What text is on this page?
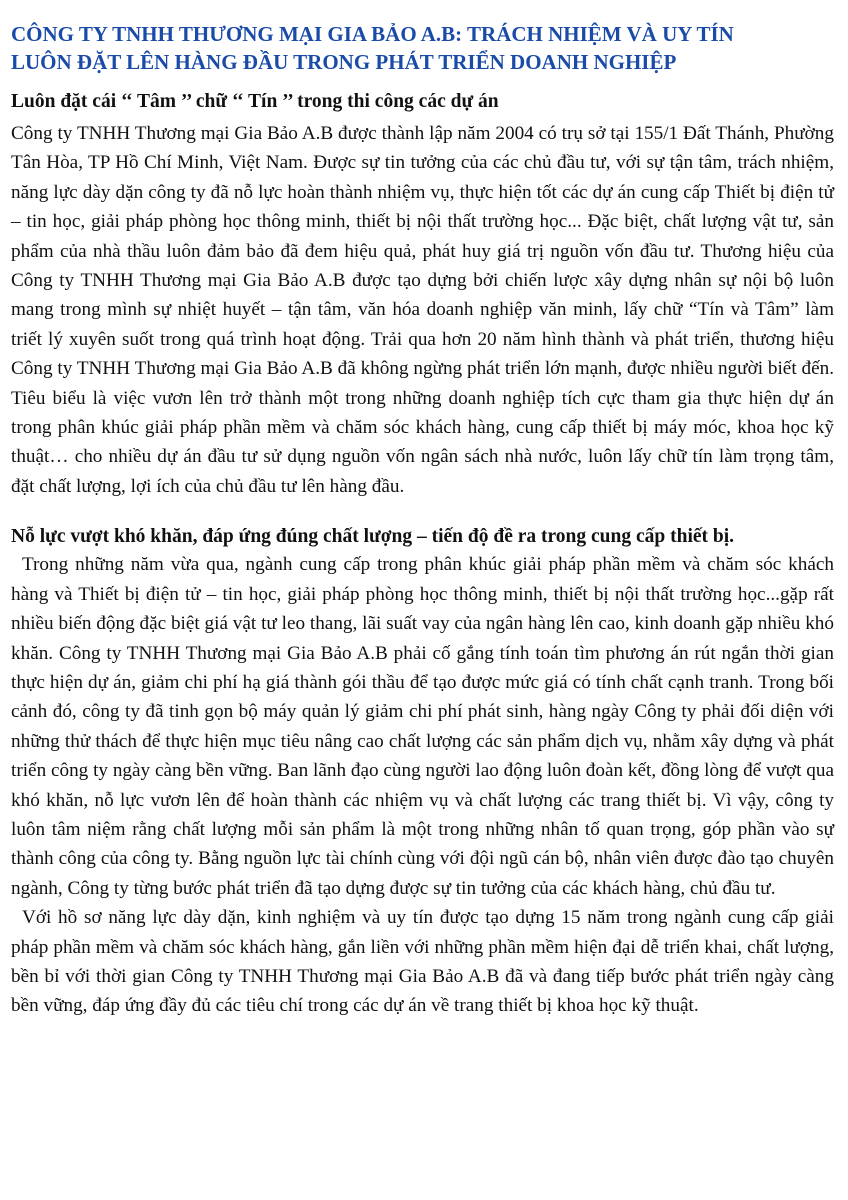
CÔNG TY TNHH THƯƠNG MẠI GIA BẢO A.B: TRÁCH NHIỆM VÀ UY TÍN
LUÔN ĐẶT LÊN HÀNG ĐẦU TRONG PHÁT TRIỂN DOANH NGHIỆP
Luôn đặt cái ‘‘ Tâm ’’ chữ ‘‘ Tín ’’ trong thi công các dự án

Công ty TNHH Thương mại Gia Bảo A.B được thành lập năm 2004 có trụ sở tại 155/1 Đất Thánh, Phường Tân Hòa, TP Hồ Chí Minh, Việt Nam. Được sự tin tưởng của các chủ đầu tư, với sự tận tâm, trách nhiệm, năng lực dày dặn công ty đã nỗ lực hoàn thành nhiệm vụ, thực hiện tốt các dự án cung cấp Thiết bị điện tử – tin học, giải pháp phòng học thông minh, thiết bị nội thất trường học... Đặc biệt, chất lượng vật tư, sản phẩm của nhà thầu luôn đảm bảo đã đem hiệu quả, phát huy giá trị nguồn vốn đầu tư. Thương hiệu của Công ty TNHH Thương mại Gia Bảo A.B được tạo dựng bởi chiến lược xây dựng nhân sự nội bộ luôn mang trong mình sự nhiệt huyết – tận tâm, văn hóa doanh nghiệp văn minh, lấy chữ “Tín và Tâm” làm triết lý xuyên suốt trong quá trình hoạt động. Trải qua hơn 20 năm hình thành và phát triển, thương hiệu Công ty TNHH Thương mại Gia Bảo A.B đã không ngừng phát triển lớn mạnh, được nhiều người biết đến. Tiêu biểu là việc vươn lên trở thành một trong những doanh nghiệp tích cực tham gia thực hiện dự án trong phân khúc giải pháp phần mềm và chăm sóc khách hàng, cung cấp thiết bị máy móc, khoa học kỹ thuật… cho nhiều dự án đầu tư sử dụng nguồn vốn ngân sách nhà nước, luôn lấy chữ tín làm trọng tâm, đặt chất lượng, lợi ích của chủ đầu tư lên hàng đầu.

Nỗ lực vượt khó khăn, đáp ứng đúng chất lượng – tiến độ đề ra trong cung cấp thiết bị.

Trong những năm vừa qua, ngành cung cấp trong phân khúc giải pháp phần mềm và chăm sóc khách hàng và Thiết bị điện tử – tin học, giải pháp phòng học thông minh, thiết bị nội thất trường học...gặp rất nhiều biến động đặc biệt giá vật tư leo thang, lãi suất vay của ngân hàng lên cao, kinh doanh gặp nhiều khó khăn. Công ty TNHH Thương mại Gia Bảo A.B phải cố gắng tính toán tìm phương án rút ngắn thời gian thực hiện dự án, giảm chi phí hạ giá thành gói thầu để tạo được mức giá có tính chất cạnh tranh. Trong bối cảnh đó, công ty đã tinh gọn bộ máy quản lý giảm chi phí phát sinh, hàng ngày Công ty phải đối diện với những thử thách để thực hiện mục tiêu nâng cao chất lượng các sản phẩm dịch vụ, nhằm xây dựng và phát triển công ty ngày càng bền vững. Ban lãnh đạo cùng người lao động luôn đoàn kết, đồng lòng để vượt qua khó khăn, nỗ lực vươn lên để hoàn thành các nhiệm vụ và chất lượng các trang thiết bị. Vì vậy, công ty luôn tâm niệm rằng chất lượng mỗi sản phẩm là một trong những nhân tố quan trọng, góp phần vào sự thành công của công ty. Bằng nguồn lực tài chính cùng với đội ngũ cán bộ, nhân viên được đào tạo chuyên ngành, Công ty từng bước phát triển đã tạo dựng được sự tin tưởng của các khách hàng, chủ đầu tư.

Với hồ sơ năng lực dày dặn, kinh nghiệm và uy tín được tạo dựng 15 năm trong ngành cung cấp giải pháp phần mềm và chăm sóc khách hàng, gắn liền với những phần mềm hiện đại dễ triển khai, chất lượng, bền bỉ với thời gian Công ty TNHH Thương mại Gia Bảo A.B đã và đang tiếp bước phát triển ngày càng bền vững, đáp ứng đầy đủ các tiêu chí trong các dự án về trang thiết bị khoa học kỹ thuật.
